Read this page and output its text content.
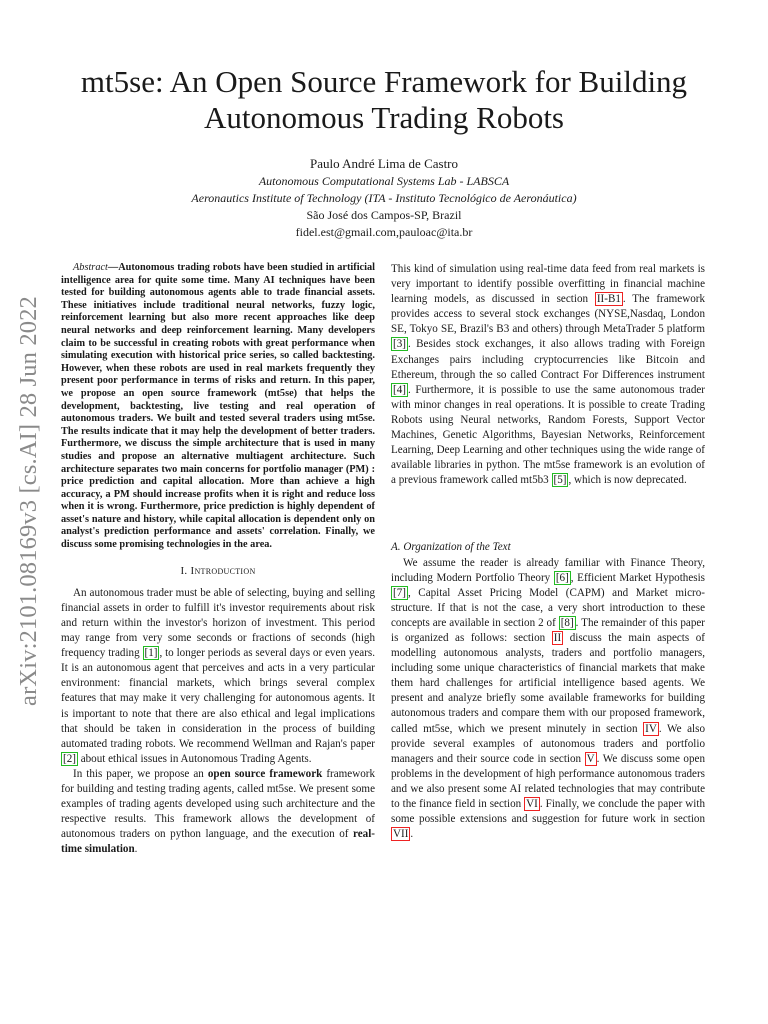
arXiv:2101.08169v3 [cs.AI] 28 Jun 2022
mt5se: An Open Source Framework for Building Autonomous Trading Robots
Paulo André Lima de Castro
Autonomous Computational Systems Lab - LABSCA
Aeronautics Institute of Technology (ITA - Instituto Tecnológico de Aeronáutica)
São José dos Campos-SP, Brazil
fidel.est@gmail.com,pauloac@ita.br

Abstract—Autonomous trading robots have been studied in artificial intelligence area for quite some time. Many AI techniques have been tested for building autonomous agents able to trade financial assets. These initiatives include traditional neural networks, fuzzy logic, reinforcement learning but also more recent approaches like deep neural networks and deep reinforcement learning. Many developers claim to be successful in creating robots with great performance when simulating execution with historical price series, so called backtesting. However, when these robots are used in real markets frequently they present poor performance in terms of risks and return. In this paper, we propose an open source framework (mt5se) that helps the development, backtesting, live testing and real operation of autonomous traders. We built and tested several traders using mt5se. The results indicate that it may help the development of better traders. Furthermore, we discuss the simple architecture that is used in many studies and propose an alternative multiagent architecture. Such architecture separates two main concerns for portfolio manager (PM) : price prediction and capital allocation. More than achieve a high accuracy, a PM should increase profits when it is right and reduce loss when it is wrong. Furthermore, price prediction is highly dependent of asset's nature and history, while capital allocation is dependent only on analyst's prediction performance and assets' correlation. Finally, we discuss some promising technologies in the area.

I. Introduction

An autonomous trader must be able of selecting, buying and selling financial assets in order to fulfill it's investor requirements about risk and return within the investor's horizon of investment. This period may range from very some seconds or fractions of seconds (high frequency trading [1] , to longer periods as several days or even years. It is an autonomous agent that perceives and acts in a very particular environment: financial markets, which brings several complex features that may make it very challenging for autonomous agents. It is important to note that there are also ethical and legal implications that should be taken in consideration in the process of building automated trading robots. We recommend Wellman and Rajan's paper [2] about ethical issues in Autonomous Trading Agents.

In this paper, we propose an open source framework framework for building and testing trading agents, called mt5se. We present some examples of trading agents developed using such architecture and the respective results. This framework allows the development of autonomous traders on python language, and the execution of real-time simulation.

This kind of simulation using real-time data feed from real markets is very important to identify possible overfitting in financial machine learning models, as discussed in section II-B1 . The framework provides access to several stock exchanges (NYSE,Nasdaq, London SE, Tokyo SE, Brazil's B3 and others) through MetaTrader 5 platform [3] . Besides stock exchanges, it also allows trading with Foreign Exchanges pairs including cryptocurrencies like Bitcoin and Ethereum, through the so called Contract For Differences instrument [4] . Furthermore, it is possible to use the same autonomous trader with minor changes in real operations. It is possible to create Trading Robots using Neural networks, Random Forests, Support Vector Machines, Genetic Algorithms, Bayesian Networks, Reinforcement Learning, Deep Learning and other techniques using the wide range of available libraries in python. The mt5se framework is an evolution of a previous framework called mt5b3 [5] , which is now deprecated.

A. Organization of the Text

We assume the reader is already familiar with Finance Theory, including Modern Portfolio Theory [6] , Efficient Market Hypothesis [7] , Capital Asset Pricing Model (CAPM) and Market micro-structure. If that is not the case, a very short introduction to these concepts are available in section 2 of [8] . The remainder of this paper is organized as follows: section II discuss the main aspects of modelling autonomous analysts, traders and portfolio managers, including some unique characteristics of financial markets that make them hard challenges for artificial intelligence based agents. We present and analyze briefly some available frameworks for building autonomous traders and compare them with our proposed framework, called mt5se, which we present minutely in section IV . We also provide several examples of autonomous traders and portfolio managers and their source code in section V . We discuss some open problems in the development of high performance autonomous traders and we also present some AI related technologies that may contribute to the finance field in section VI . Finally, we conclude the paper with some possible extensions and suggestion for future work in section VII .
